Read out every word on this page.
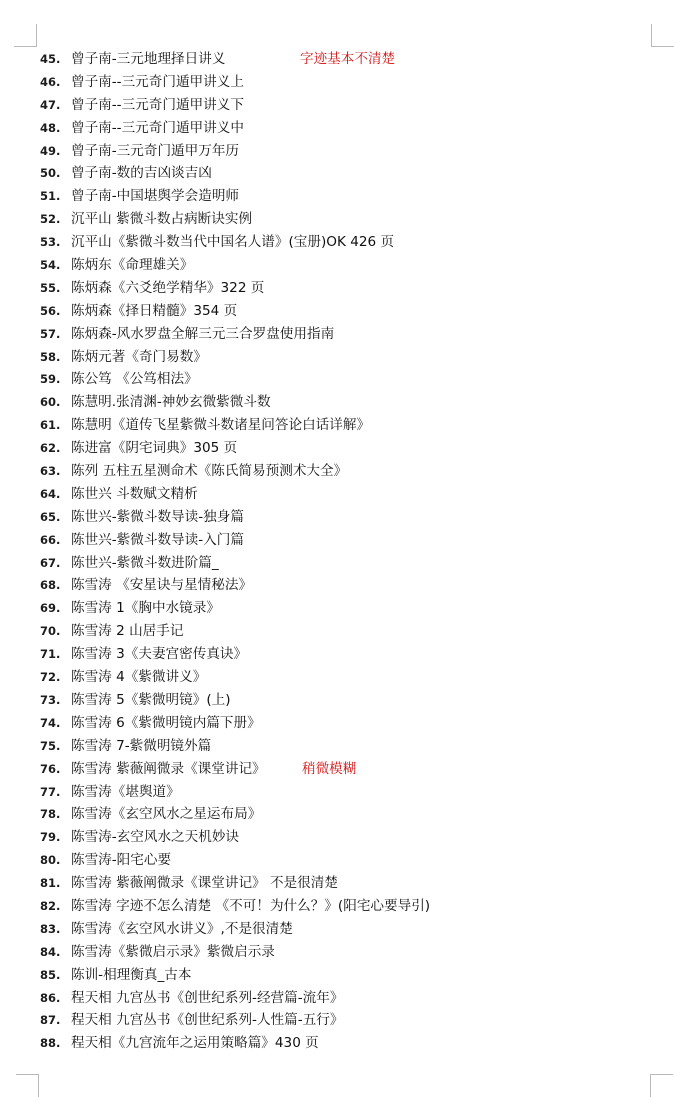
45. 曾子南-三元地理择日讲义	字迹基本不清楚
46. 曾子南--三元奇门遁甲讲义上
47. 曾子南--三元奇门遁甲讲义下
48. 曾子南--三元奇门遁甲讲义中
49. 曾子南-三元奇门遁甲万年历
50. 曾子南-数的吉凶谈吉凶
51. 曾子南-中国堪舆学会造明师
52. 沉平山 紫微斗数占病断诀实例
53. 沉平山《紫微斗数当代中国名人谱》(宝册)OK 426 页
54. 陈炳东《命理雄关》
55. 陈炳森《六爻绝学精华》322 页
56. 陈炳森《择日精髓》354 页
57. 陈炳森-风水罗盘全解三元三合罗盘使用指南
58. 陈炳元著《奇门易数》
59. 陈公笃 《公笃相法》
60. 陈慧明.张清渊-神妙玄微紫微斗数
61. 陈慧明《道传飞星紫微斗数诸星问答论白话详解》
62. 陈进富《阴宅词典》305 页
63. 陈列 五柱五星测命术《陈氏简易预测术大全》
64. 陈世兴 斗数赋文精析
65. 陈世兴-紫微斗数导读-独身篇
66. 陈世兴-紫微斗数导读-入门篇
67. 陈世兴-紫微斗数进阶篇_
68. 陈雪涛 《安星诀与星情秘法》
69. 陈雪涛 1《胸中水镜录》
70. 陈雪涛 2 山居手记
71. 陈雪涛 3《夫妻宫密传真诀》
72. 陈雪涛 4《紫微讲义》
73. 陈雪涛 5《紫微明镜》(上)
74. 陈雪涛 6《紫微明镜内篇下册》
75. 陈雪涛 7-紫微明镜外篇
76. 陈雪涛 紫薇阐微录《课堂讲记》	稍微模糊
77. 陈雪涛《堪舆道》
78. 陈雪涛《玄空风水之星运布局》
79. 陈雪涛-玄空风水之天机妙诀
80. 陈雪涛-阳宅心要
81. 陈雪涛 紫薇阐微录《课堂讲记》 不是很清楚
82. 陈雪涛 字迹不怎么清楚 《不可！为什么？》(阳宅心要导引)
83. 陈雪涛《玄空风水讲义》,不是很清楚
84. 陈雪涛《紫微启示录》紫微启示录
85. 陈训-相理衡真_古本
86. 程天相 九宫丛书《创世纪系列-经营篇-流年》
87. 程天相 九宫丛书《创世纪系列-人性篇-五行》
88. 程天相《九宫流年之运用策略篇》430 页
